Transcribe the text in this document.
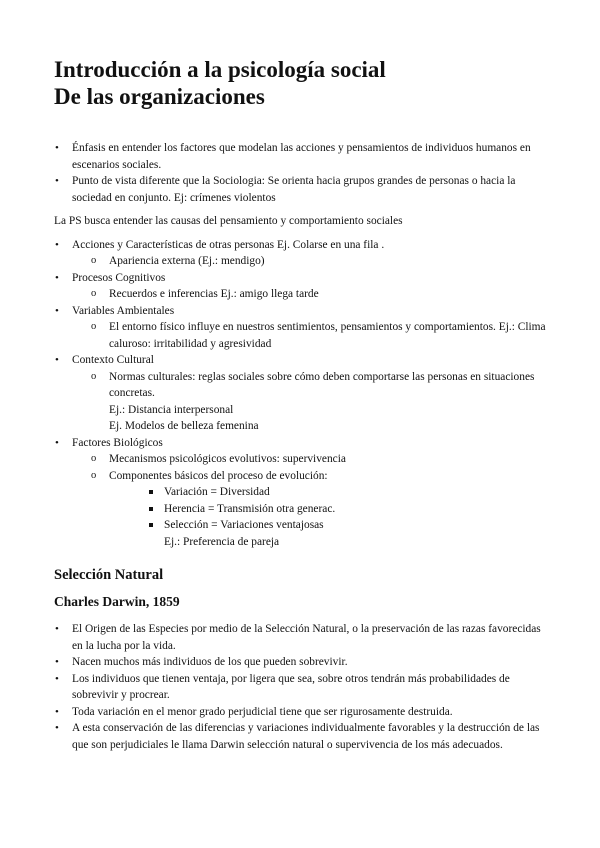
Introducción a la psicología social
De las organizaciones
• Énfasis en entender los factores que modelan las acciones y pensamientos de individuos humanos en escenarios sociales.
• Punto de vista diferente que la Sociologia: Se orienta hacia grupos grandes de personas o hacia la sociedad en conjunto. Ej: crímenes violentos

La PS busca entender las causas del pensamiento y comportamiento sociales

• Acciones y Características de otras personas Ej. Colarse en una fila .
o Apariencia externa (Ej.: mendigo)
• Procesos Cognitivos
o Recuerdos e inferencias Ej.: amigo llega tarde
• Variables Ambientales
o El entorno físico influye en nuestros sentimientos, pensamientos y comportamientos. Ej.: Clima caluroso: irritabilidad y agresividad
• Contexto Cultural
o Normas culturales: reglas sociales sobre cómo deben comportarse las personas en situaciones concretas.
Ej.: Distancia interpersonal
Ej. Modelos de belleza femenina
• Factores Biológicos
o Mecanismos psicológicos evolutivos: supervivencia
o Componentes básicos del proceso de evolución:
Variación = Diversidad
Herencia = Transmisión otra generac.
Selección = Variaciones ventajosas
Ej.: Preferencia de pareja
Selección Natural
Charles Darwin, 1859
• El Origen de las Especies por medio de la Selección Natural, o la preservación de las razas favorecidas en la lucha por la vida.
• Nacen muchos más individuos de los que pueden sobrevivir.
• Los individuos que tienen ventaja, por ligera que sea, sobre otros tendrán más probabilidades de sobrevivir y procrear.
• Toda variación en el menor grado perjudicial tiene que ser rigurosamente destruida.
• A esta conservación de las diferencias y variaciones individualmente favorables y la destrucción de las que son perjudiciales le llama Darwin selección natural o supervivencia de los más adecuados.
